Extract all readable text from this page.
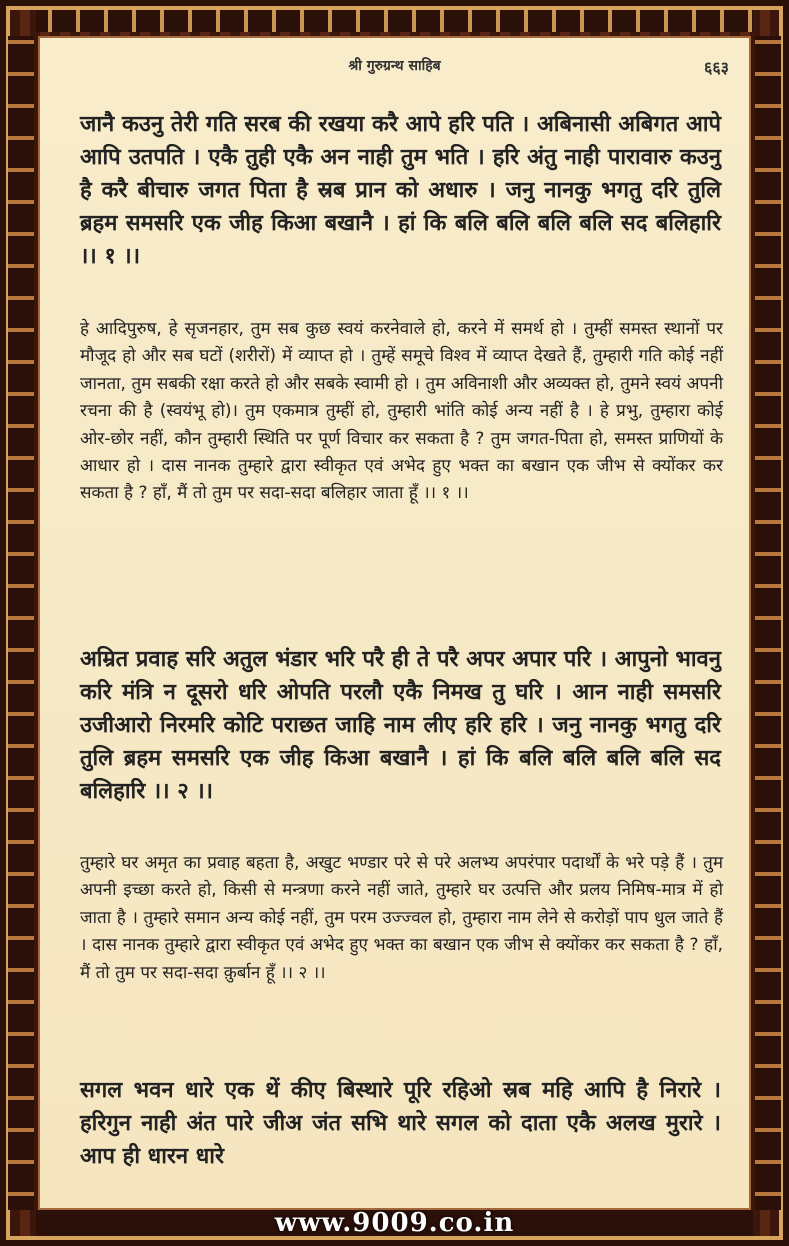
श्री गुरुग्रन्थ साहिब	६६३
जानै कउनु तेरी गति सरब की रखया करै आपे हरि पति । अबिनासी अबिगत आपे आपि उतपति । एकै तुही एकै अन नाही तुम भति । हरि अंतु नाही पारावारु कउनु है करै बीचारु जगत पिता है स्रब प्रान को अधारु । जनु नानकु भगतु दरि तुलि ब्रहम समसरि एक जीह किआ बखानै । हां कि बलि बलि बलि बलि सद बलिहारि ।। १ ।।
हे आदिपुरुष, हे सृजनहार, तुम सब कुछ स्वयं करनेवाले हो, करने में समर्थ हो । तुम्हीं समस्त स्थानों पर मौजूद हो और सब घटों (शरीरों) में व्याप्त हो । तुम्हें समूचे विश्व में व्याप्त देखते हैं, तुम्हारी गति कोई नहीं जानता, तुम सबकी रक्षा करते हो और सबके स्वामी हो । तुम अविनाशी और अव्यक्त हो, तुमने स्वयं अपनी रचना की है (स्वयंभू हो)। तुम एकमात्र तुम्हीं हो, तुम्हारी भांति कोई अन्य नहीं है । हे प्रभु, तुम्हारा कोई ओर-छोर नहीं, कौन तुम्हारी स्थिति पर पूर्ण विचार कर सकता है ? तुम जगत-पिता हो, समस्त प्राणियों के आधार हो । दास नानक तुम्हारे द्वारा स्वीकृत एवं अभेद हुए भक्त का बखान एक जीभ से क्योंकर कर सकता है ? हाँ, मैं तो तुम पर सदा-सदा बलिहार जाता हूँ ।। १ ।।
अम्रित प्रवाह सरि अतुल भंडार भरि परै ही ते परै अपर अपार परि । आपुनो भावनु करि मंत्रि न दूसरो धरि ओपति परलौ एकै निमख तु घरि । आन नाही समसरि उजीआरो निरमरि कोटि पराछत जाहि नाम लीए हरि हरि । जनु नानकु भगतु दरि तुलि ब्रहम समसरि एक जीह किआ बखानै । हां कि बलि बलि बलि बलि सद बलिहारि ।। २ ।।
तुम्हारे घर अमृत का प्रवाह बहता है, अखुट भण्डार परे से परे अलभ्य अपरंपार पदार्थों के भरे पड़े हैं । तुम अपनी इच्छा करते हो, किसी से मन्त्रणा करने नहीं जाते, तुम्हारे घर उत्पत्ति और प्रलय निमिष-मात्र में हो जाता है । तुम्हारे समान अन्य कोई नहीं, तुम परम उज्ज्वल हो, तुम्हारा नाम लेने से करोड़ों पाप धुल जाते हैं । दास नानक तुम्हारे द्वारा स्वीकृत एवं अभेद हुए भक्त का बखान एक जीभ से क्योंकर कर सकता है ? हाँ, मैं तो तुम पर सदा-सदा क़ुर्बान हूँ ।। २ ।।
सगल भवन धारे एक थें कीए बिस्थारे पूरि रहिओ स्रब महि आपि है निरारे । हरिगुन नाही अंत पारे जीअ जंत सभि थारे सगल को दाता एकै अलख मुरारे । आप ही धारन धारे
www.9009.co.in
